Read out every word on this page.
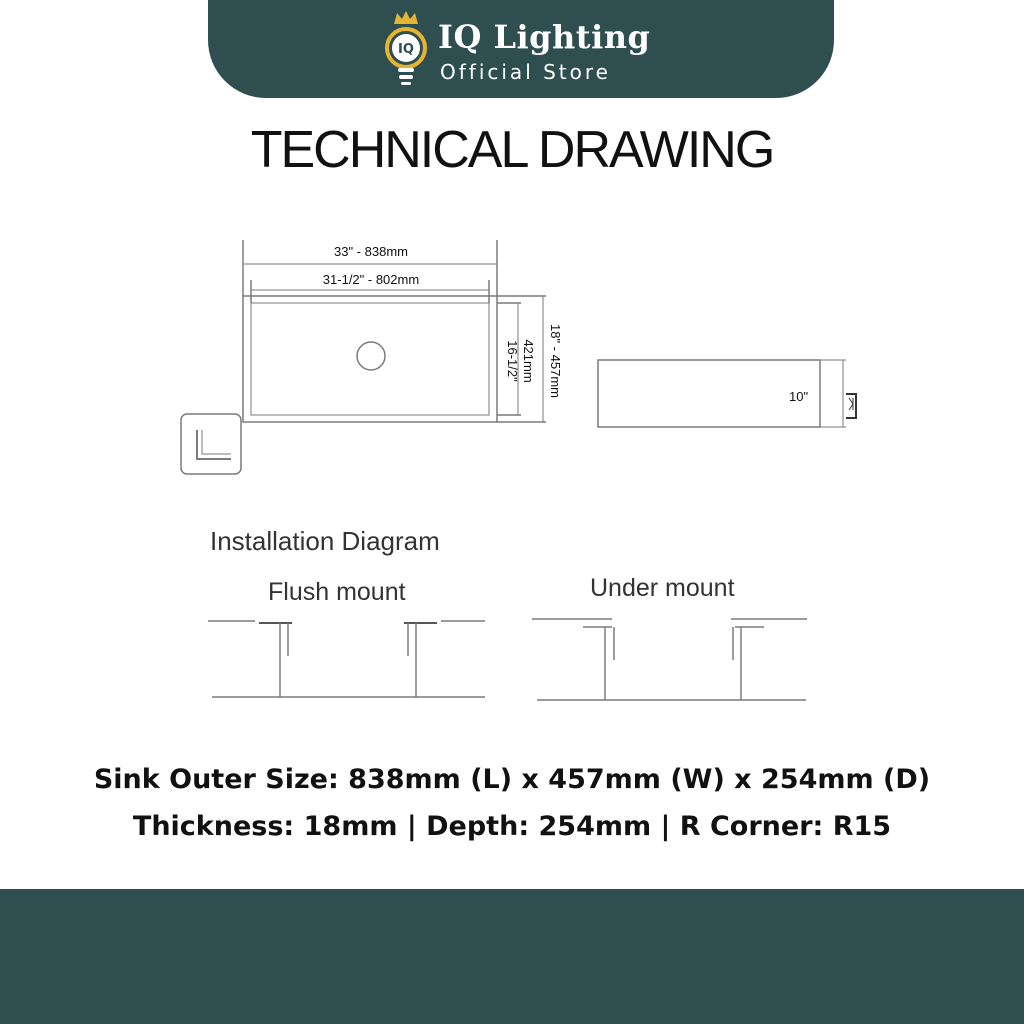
IQ IQ Lighting
Official Store
TECHNICAL DRAWING
33" - 838mm
31-1/2" - 802mm
18" - 457mm
421mm
16-1/2"
10"
Installation Diagram
Flush mount	Under mount
Sink Outer Size: 838mm (L) x 457mm (W) x 254mm (D)
Thickness: 18mm | Depth: 254mm | R Corner: R15
